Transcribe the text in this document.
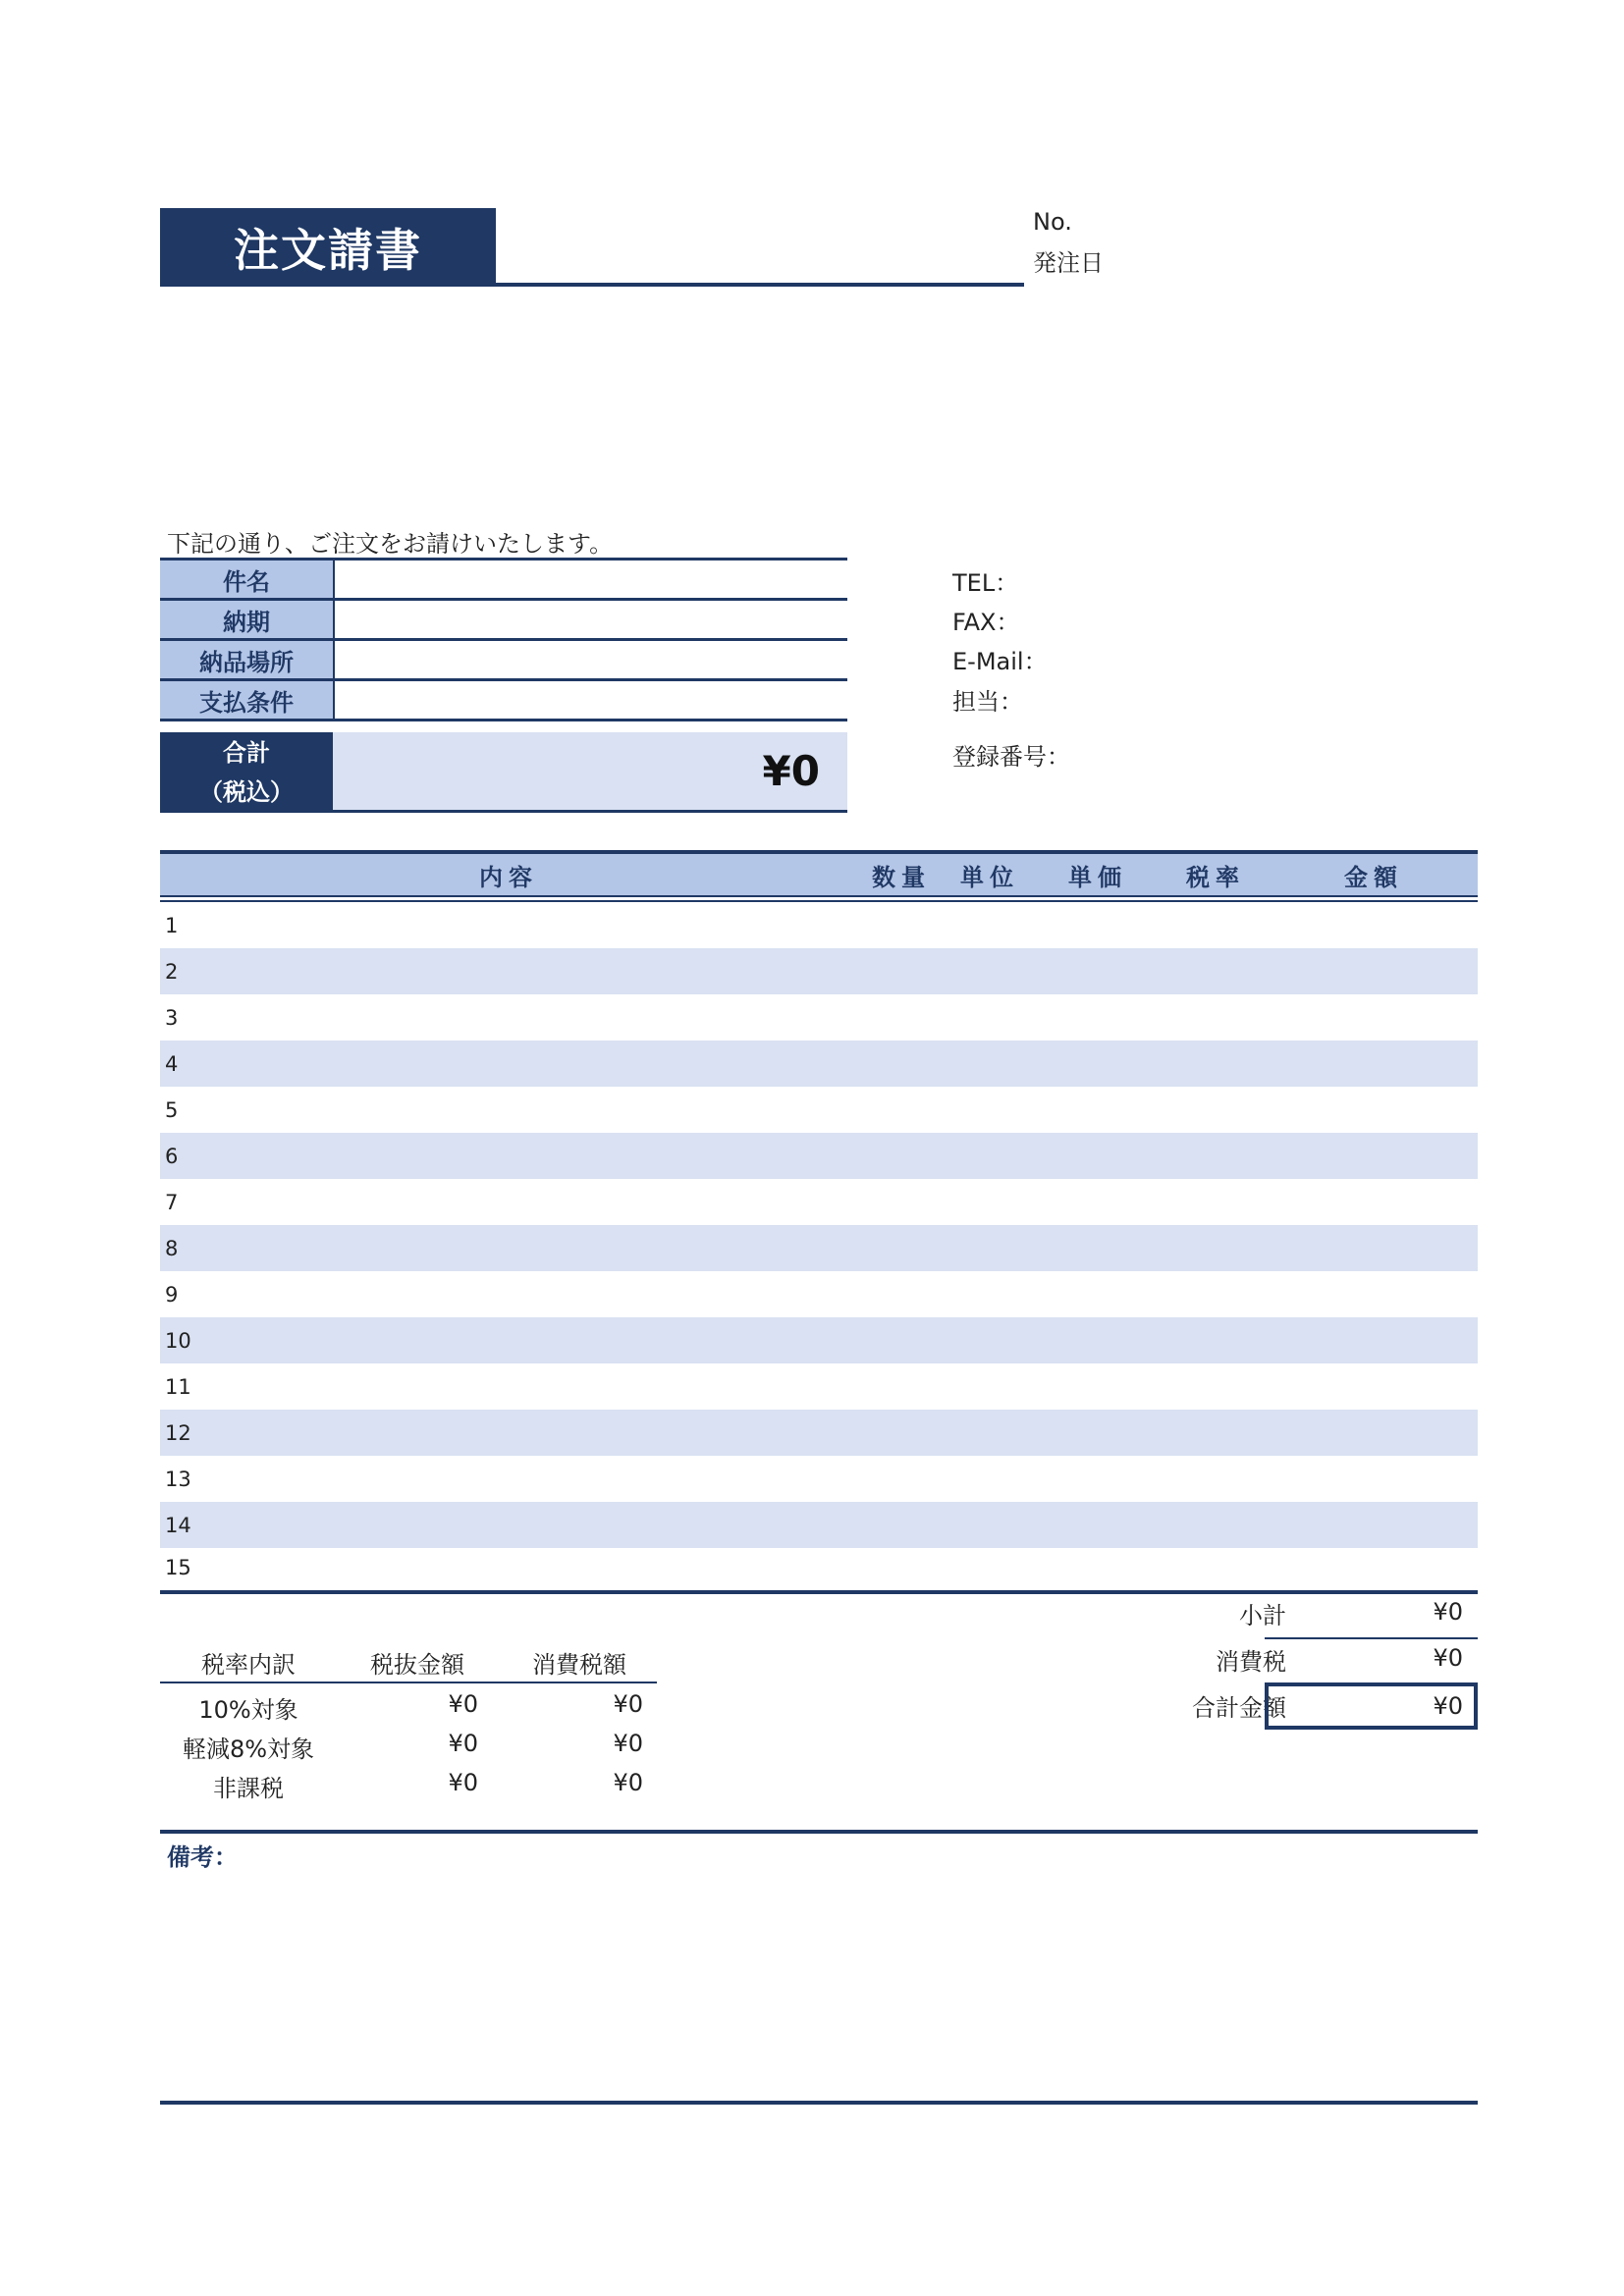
注文請書
No.
発注日
下記の通り、ご注文をお請けいたします。
件名
納期
納品場所
支払条件
合計
（税込）	¥0
TEL：
FAX：
E-Mail：
担当：
登録番号：
内容	数量	単位	単価	税率	金額
1
2
3
4
5
6
7
8
9
10
11
12
13
14
15
小計	¥0
消費税	¥0
合計金額	¥0
税率内訳	税抜金額	消費税額
10%対象	¥0	¥0
軽減8%対象	¥0	¥0
非課税	¥0	¥0
備考：
